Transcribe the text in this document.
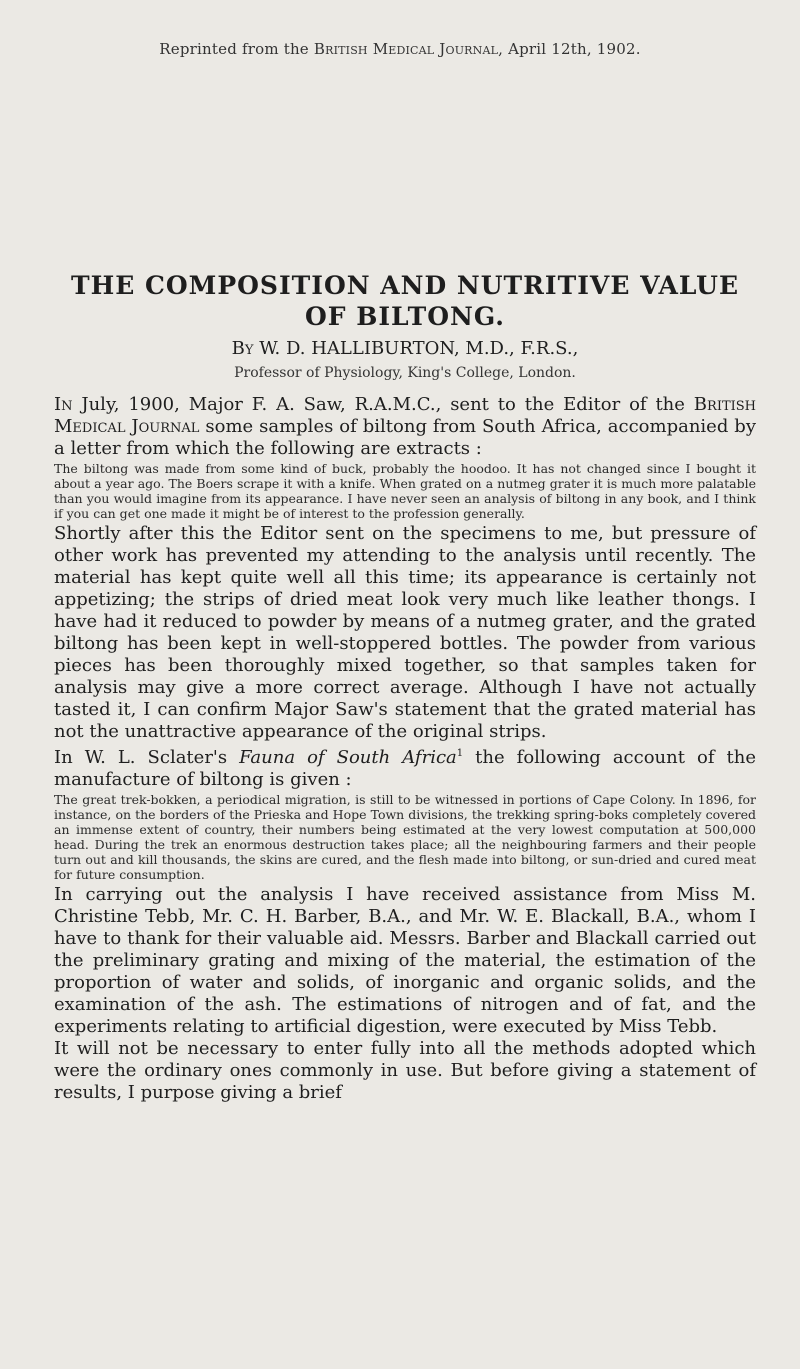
Reprinted from the British Medical Journal, April 12th, 1902.
THE COMPOSITION AND NUTRITIVE VALUE
OF BILTONG.

By W. D. HALLIBURTON, M.D., F.R.S.,

Professor of Physiology, King's College, London.

In July, 1900, Major F. A. Saw, R.A.M.C., sent to the Editor of the British Medical Journal some samples of biltong from South Africa, accompanied by a letter from which the following are extracts :

The biltong was made from some kind of buck, probably the hoodoo. It has not changed since I bought it about a year ago. The Boers scrape it with a knife. When grated on a nutmeg grater it is much more palatable than you would imagine from its appearance. I have never seen an analysis of biltong in any book, and I think if you can get one made it might be of interest to the profession generally.

Shortly after this the Editor sent on the specimens to me, but pressure of other work has prevented my attending to the analysis until recently. The material has kept quite well all this time; its appearance is certainly not appetizing; the strips of dried meat look very much like leather thongs. I have had it reduced to powder by means of a nutmeg grater, and the grated biltong has been kept in well-stoppered bottles. The powder from various pieces has been thoroughly mixed together, so that samples taken for analysis may give a more correct average. Although I have not actually tasted it, I can confirm Major Saw's statement that the grated material has not the unattractive appearance of the original strips.

In W. L. Sclater's Fauna of South Africa$^1$ the following account of the manufacture of biltong is given :

The great trek-bokken, a periodical migration, is still to be witnessed in portions of Cape Colony. In 1896, for instance, on the borders of the Prieska and Hope Town divisions, the trekking spring-boks completely covered an immense extent of country, their numbers being estimated at the very lowest computation at 500,000 head. During the trek an enormous destruction takes place; all the neighbouring farmers and their people turn out and kill thousands, the skins are cured, and the flesh made into biltong, or sun-dried and cured meat for future consumption.

In carrying out the analysis I have received assistance from Miss M. Christine Tebb, Mr. C. H. Barber, B.A., and Mr. W. E. Blackall, B.A., whom I have to thank for their valuable aid. Messrs. Barber and Blackall carried out the preliminary grating and mixing of the material, the estimation of the proportion of water and solids, of inorganic and organic solids, and the examination of the ash. The estimations of nitrogen and of fat, and the experiments relating to artificial digestion, were executed by Miss Tebb.

It will not be necessary to enter fully into all the methods adopted which were the ordinary ones commonly in use. But before giving a statement of results, I purpose giving a brief
